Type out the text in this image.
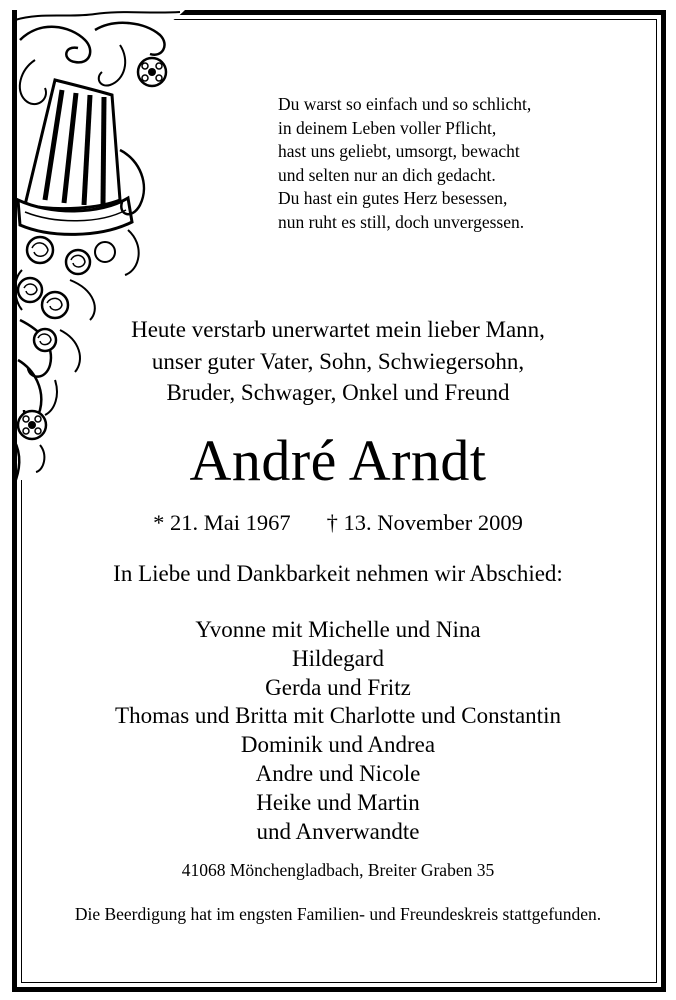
Du warst so einfach und so schlicht,
in deinem Leben voller Pflicht,
hast uns geliebt, umsorgt, bewacht
und selten nur an dich gedacht.
Du hast ein gutes Herz besessen,
nun ruht es still, doch unvergessen.
Heute verstarb unerwartet mein lieber Mann,
unser guter Vater, Sohn, Schwiegersohn,
Bruder, Schwager, Onkel und Freund
André Arndt
* 21. Mai 1967 † 13. November 2009
In Liebe und Dankbarkeit nehmen wir Abschied:
Yvonne mit Michelle und Nina
Hildegard
Gerda und Fritz
Thomas und Britta mit Charlotte und Constantin
Dominik und Andrea
Andre und Nicole
Heike und Martin
und Anverwandte
41068 Mönchengladbach, Breiter Graben 35
Die Beerdigung hat im engsten Familien- und Freundeskreis stattgefunden.
